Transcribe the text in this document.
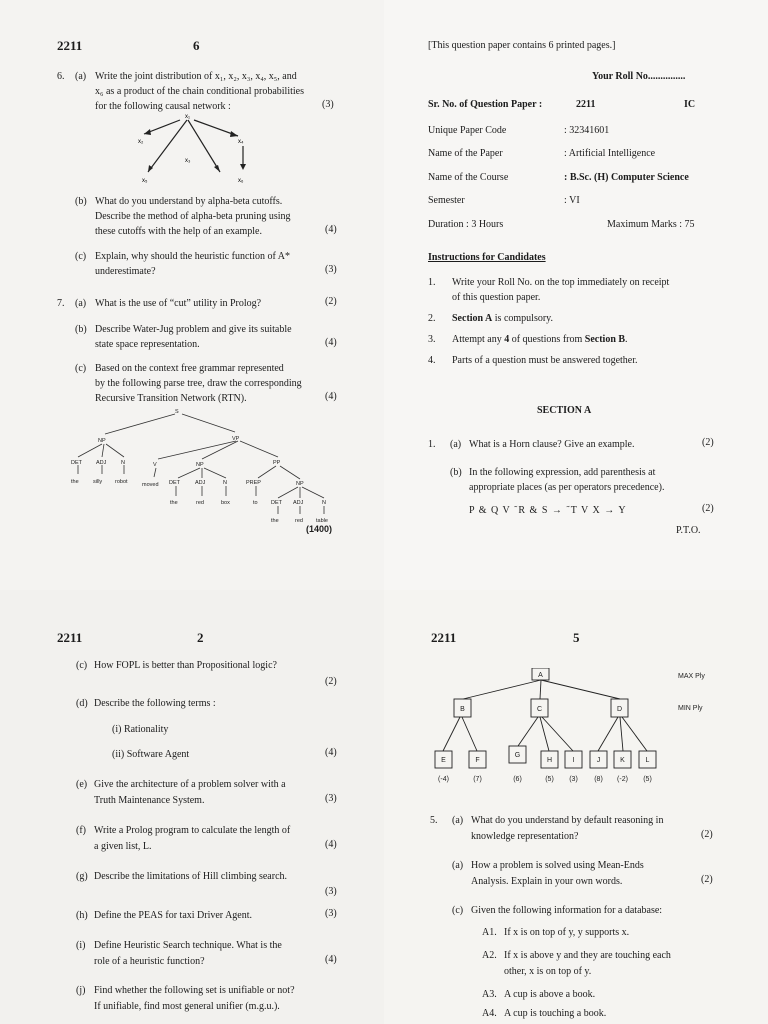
2211	6
6. (a) Write the joint distribution of x₁, x₂, x₃, x₄, x₅, and
x₆ as a product of the chain conditional probabilities
for the following causal network :	(3)
x₁
x₂
x₃
x₄
x₅	x₆
(b) What do you understand by alpha-beta cutoffs.
Describe the method of alpha-beta pruning using
these cutoffs with the help of an example.	(4)
(c) Explain, why should the heuristic function of A*
underestimate?	(3)
7. (a) What is the use of “cut” utility in Prolog?	(2)
(b) Describe Water-Jug problem and give its suitable
state space representation.	(4)
(c) Based on the context free grammar represented
by the following parse tree, draw the corresponding
Recursive Transition Network (RTN).	(4)
S
NP	VP
DET	ADJ	N
the	silly robot
V	NP	PP
moved DET	ADJ	N
the	red	box
PREP	NP
to DET ADJ	N
the	red table
(1400)
[This question paper contains 6 printed pages.]
Your Roll No...............
Sr. No. of Question Paper :	2211	IC
Unique Paper Code	: 32341601
Name of the Paper	: Artificial Intelligence
Name of the Course	: B.Sc. (H) Computer Science
Semester	: VI
Duration : 3 Hours	Maximum Marks : 75
Instructions for Candidates
1. Write your Roll No. on the top immediately on receipt
of this question paper.
2. Section A is compulsory.
3. Attempt any 4 of questions from Section B.
4. Parts of a question must be answered together.
SECTION A
1. (a) What is a Horn clause? Give an example.	(2)
(b) In the following expression, add parenthesis at
appropriate places (as per operators precedence).
P & Q V ˜R & S → ˜T V X → Y	(2)
P.T.O.
2211	2
(c) How FOPL is better than Propositional logic?
(2)
(d) Describe the following terms :
(i) Rationality
(ii) Software Agent	(4)
(e) Give the architecture of a problem solver with a
Truth Maintenance System.	(3)
(f) Write a Prolog program to calculate the length of
a given list, L.	(4)
(g) Describe the limitations of Hill climbing search.
(3)
(h) Define the PEAS for taxi Driver Agent.	(3)
(i) Define Heuristic Search technique. What is the
role of a heuristic function?	(4)
(j) Find whether the following set is unifiable or not?
If unifiable, find most general unifier (m.g.u.).
2211	5
A
B	C	D
E	F
G
H	I	J	K	L
(-4)	(7)	(6)	(5) (3) (8) (-2) (5)
MAX Ply
MIN Ply
5. (a) What do you understand by default reasoning in
knowledge representation?	(2)
(a) How a problem is solved using Mean-Ends
Analysis. Explain in your own words.	(2)
(c) Given the following information for a database:
A1. If x is on top of y, y supports x.
A2. If x is above y and they are touching each
other, x is on top of y.
A3. A cup is above a book.
A4. A cup is touching a book.
